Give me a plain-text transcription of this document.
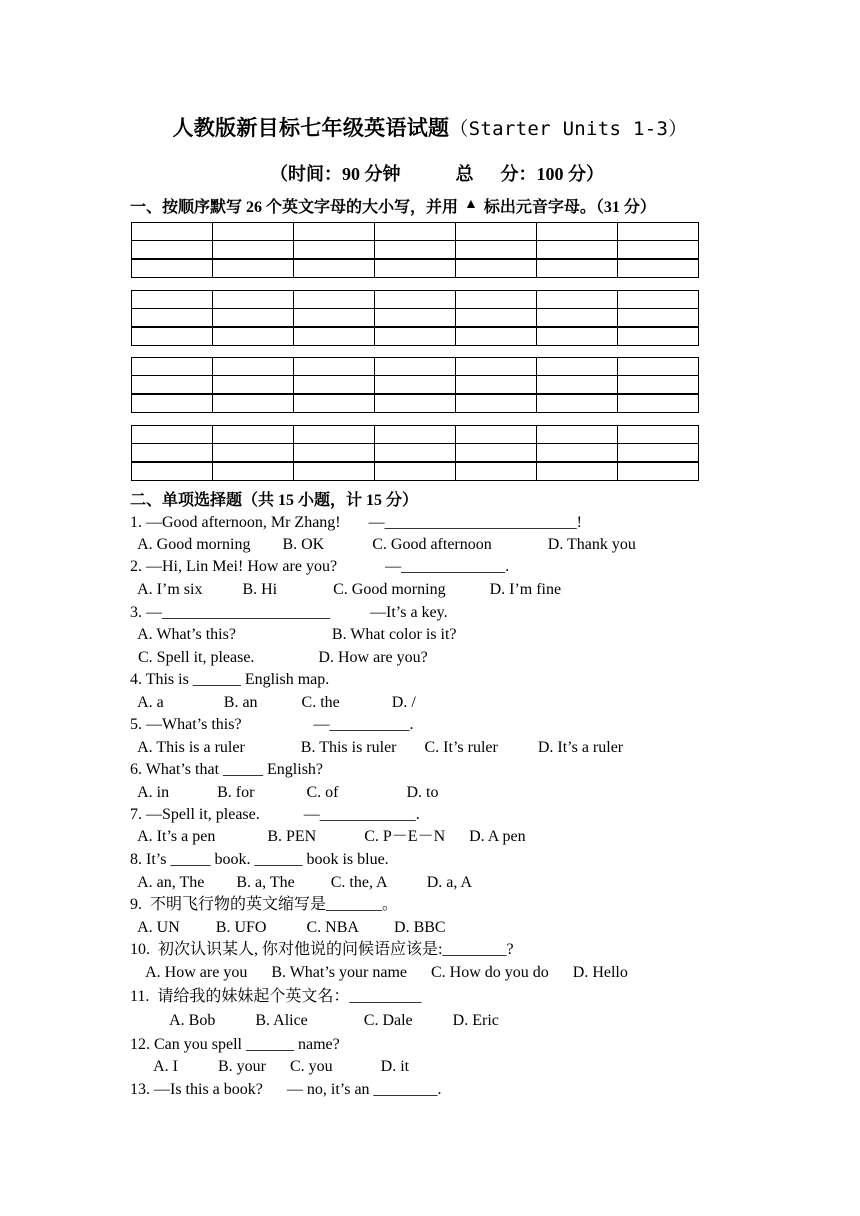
人教版新目标七年级英语试题（Starter Units 1-3）
（时间：90 分钟	总      分：100 分）
一、按顺序默写 26 个英文字母的大小写，并用 ▲ 标出元音字母。（31 分）

二、单项选择题（共 15 小题，计 15 分）
1. —Good afternoon, Mr Zhang!       —________________________!
A. Good morning        B. OK            C. Good afternoon              D. Thank you
2. —Hi, Lin Mei! How are you?            —_____________.
A. I’m six          B. Hi              C. Good morning           D. I’m fine
3. —_____________________          —It’s a key.
A. What’s this?                        B. What color is it?
C. Spell it, please.                D. How are you?
4. This is ______ English map.
A. a               B. an           C. the             D. /
5. —What’s this?                  —__________.
A. This is a ruler              B. This is ruler       C. It’s ruler          D. It’s a ruler
6. What’s that _____ English?
A. in            B. for             C. of                 D. to
7. —Spell it, please.           —____________.
A. It’s a pen             B. PEN            C. P－E－N      D. A pen
8. It’s _____ book. ______ book is blue.
A. an, The        B. a, The         C. the, A          D. a, A
9.  不明飞行物的英文缩写是_______。
A. UN         B. UFO          C. NBA         D. BBC
10.  初次认识某人, 你对他说的问候语应该是:________?
A. How are you      B. What’s your name      C. How do you do      D. Hello
11.  请给我的妹妹起个英文名：_________
A. Bob          B. Alice              C. Dale          D. Eric
12. Can you spell ______ name?
A. I          B. your      C. you            D. it
13. —Is this a book?      — no, it’s an ________.
